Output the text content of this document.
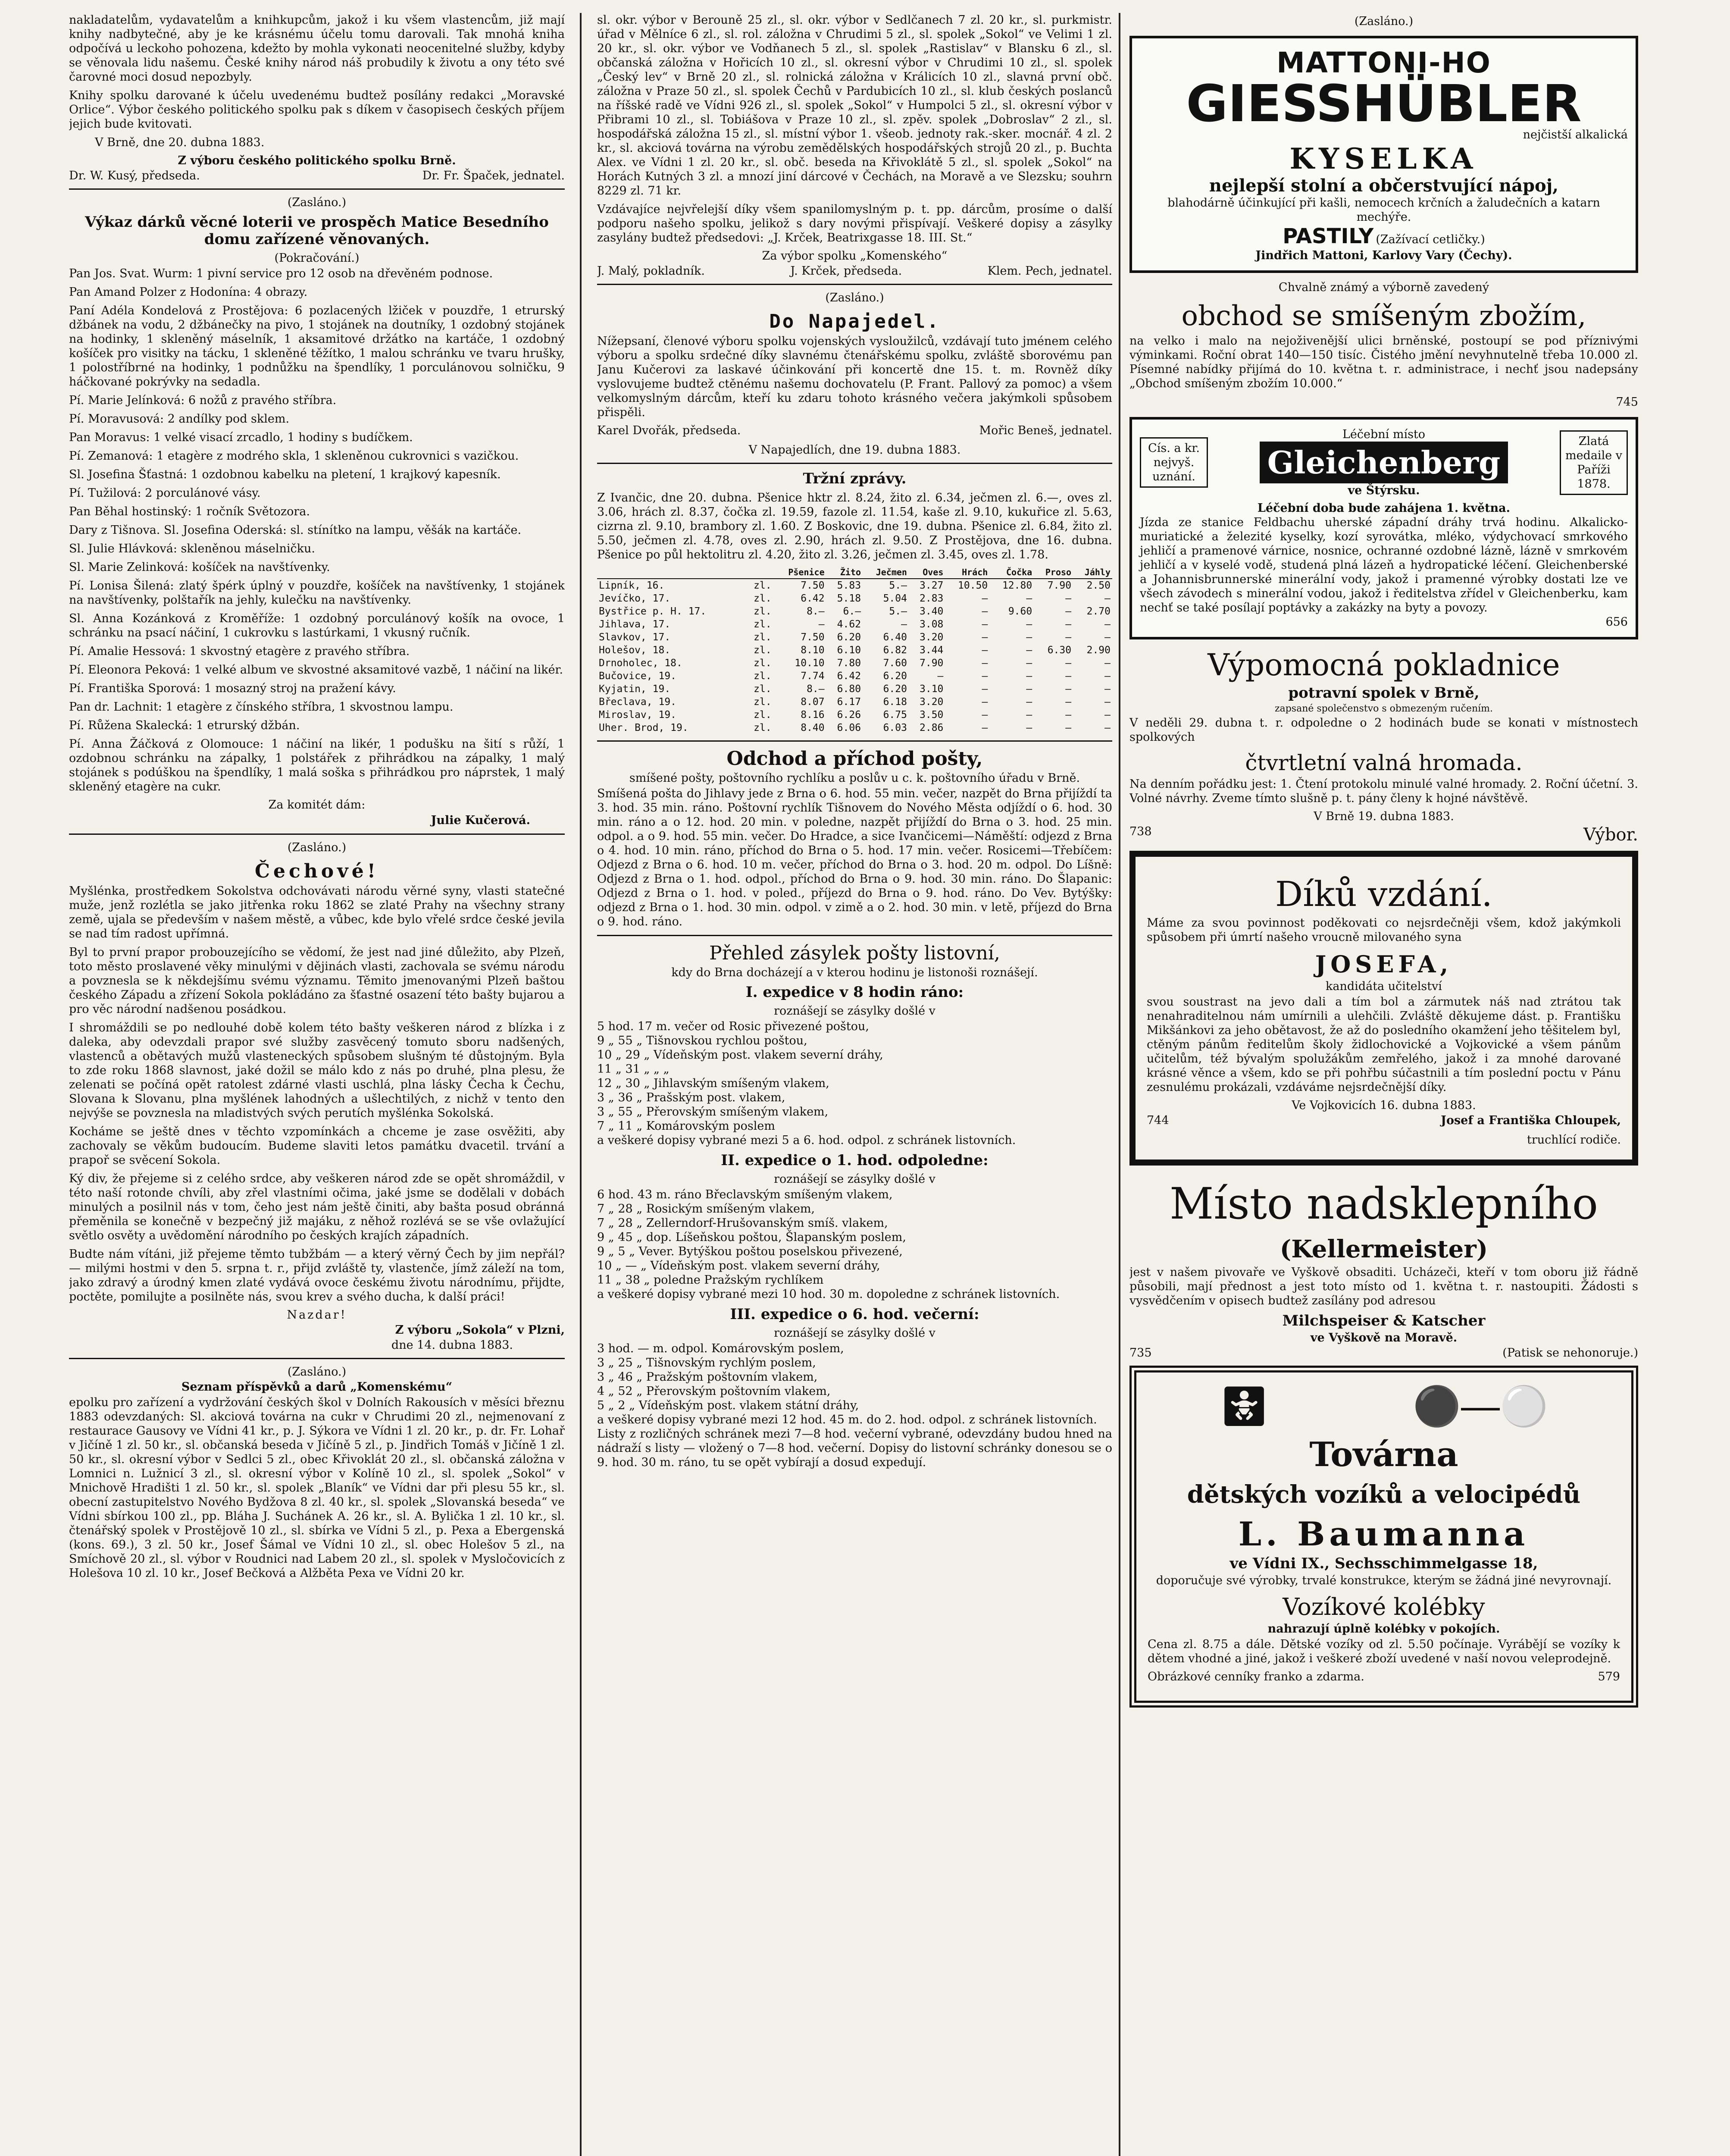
nakladatelům, vydavatelům a knihkupcům, jakož i ku všem vlastencům, již mají knihy nadbytečné, aby je ke krásnému účelu tomu darovali. Tak mnohá kniha odpočívá u leckoho pohozena, kdežto by mohla vykonati neocenitelné služby, kdyby se věnovala lidu našemu. České knihy národ náš probudily k životu a ony této své čarovné moci dosud nepozbyly.

Knihy spolku darované k účelu uvedenému budtež posílány redakci „Moravské Orlice“. Výbor českého politického spolku pak s díkem v časopisech českých příjem jejich bude kvitovati.

V Brně, dne 20. dubna 1883.

Z výboru českého politického spolku Brně.
Dr. W. Kusý, předseda.	Dr. Fr. Špaček, jednatel.
(Zasláno.)
Výkaz dárků věcné loterii ve prospěch Matice Besedního domu zařízené věnovaných.
(Pokračování.)

Pan Jos. Svat. Wurm: 1 pivní service pro 12 osob na dřevěném podnose.

Pan Amand Polzer z Hodonína: 4 obrazy.

Paní Adéla Kondelová z Prostějova: 6 pozlacených lžiček v pouzdře, 1 etrurský džbánek na vodu, 2 džbánečky na pivo, 1 stojánek na doutníky, 1 ozdobný stojánek na hodinky, 1 skleněný máselník, 1 aksamitové držátko na kartáče, 1 ozdobný košíček pro visitky na tácku, 1 skleněné těžítko, 1 malou schránku ve tvaru hrušky, 1 polostříbrné na hodinky, 1 podnůžku na špendlíky, 1 porculánovou solničku, 9 háčkované pokrývky na sedadla.

Pí. Marie Jelínková: 6 nožů z pravého stříbra.

Pí. Moravusová: 2 andílky pod sklem.

Pan Moravus: 1 velké visací zrcadlo, 1 hodiny s budíčkem.

Pí. Zemanová: 1 etagère z modrého skla, 1 skleněnou cukrovnici s vazičkou.

Sl. Josefina Šťastná: 1 ozdobnou kabelku na pletení, 1 krajkový kapesník.

Pí. Tužilová: 2 porculánové vásy.

Pan Běhal hostinský: 1 ročník Světozora.

Dary z Tišnova. Sl. Josefina Oderská: sl. stínítko na lampu, věšák na kartáče.

Sl. Julie Hlávková: skleněnou máselničku.

Sl. Marie Zelinková: košíček na navštívenky.

Pí. Lonisa Šilená: zlatý špérk úplný v pouzdře, košíček na navštívenky, 1 stojánek na navštívenky, polštařík na jehly, kulečku na navštívenky.

Sl. Anna Kozánková z Kroměříže: 1 ozdobný porculánový košík na ovoce, 1 schránku na psací náčiní, 1 cukrovku s lastúrkami, 1 vkusný ručník.

Pí. Amalie Hessová: 1 skvostný etagère z pravého stříbra.

Pí. Eleonora Peková: 1 velké album ve skvostné aksamitové vazbě, 1 náčiní na likér.

Pí. Františka Sporová: 1 mosazný stroj na pražení kávy.

Pan dr. Lachnit: 1 etagère z čínského stříbra, 1 skvostnou lampu.

Pí. Růžena Skalecká: 1 etrurský džbán.

Pí. Anna Žáčková z Olomouce: 1 náčiní na likér, 1 podušku na šití s růží, 1 ozdobnou schránku na zápalky, 1 polstářek z přihrádkou na zápalky, 1 malý stojánek s podúškou na špendlíky, 1 malá soška s přihrádkou pro náprstek, 1 malý skleněný etagère na cukr.

Za komitét dám:
Julie Kučerová.
(Zasláno.)
Čechové!

Myšlénka, prostředkem Sokolstva odchovávati národu věrné syny, vlasti statečné muže, jenž rozlétla se jako jitřenka roku 1862 se zlaté Prahy na všechny strany země, ujala se především v našem městě, a vůbec, kde bylo vřelé srdce české jevila se nad tím radost upřímná.

Byl to první prapor probouzejícího se vědomí, že jest nad jiné důležito, aby Plzeň, toto město proslavené věky minulými v dějinách vlasti, zachovala se svému národu a povznesla se k někdejšímu svému významu. Těmito jmenovanými Plzeň baštou českého Západu a zřízení Sokola pokládáno za šťastné osazení této bašty bujarou a pro věc národní nadšenou posádkou.

I shromáždili se po nedlouhé době kolem této bašty veškeren národ z blízka i z daleka, aby odevzdali prapor své služby zasvěcený tomuto sboru nadšených, vlastenců a obětavých mužů vlasteneckých spůsobem slušným té důstojným. Byla to zde roku 1868 slavnost, jaké dožil se málo kdo z nás po druhé, plna plesu, že zelenati se počíná opět ratolest zdárné vlasti uschlá, plna lásky Čecha k Čechu, Slovana k Slovanu, plna myšlének lahodných a ušlechtilých, z nichž v tento den nejvýše se povznesla na mladistvých svých perutích myšlénka Sokolská.

Kocháme se ještě dnes v těchto vzpomínkách a chceme je zase osvěžiti, aby zachovaly se věkům budoucím. Budeme slaviti letos památku dvacetil. trvání a prapoř se svěcení Sokola.

Ký div, že přejeme si z celého srdce, aby veškeren národ zde se opět shromáždil, v této naší rotonde chvíli, aby zřel vlastními očima, jaké jsme se dodělali v dobách minulých a posilnil nás v tom, čeho jest nám ještě činiti, aby bašta posud obránná přeměnila se konečně v bezpečný již majáku, z něhož rozlévá se se vše ovlažující světlo osvěty a uvědomění národního po českých krajích západních.

Budte nám vítáni, již přejeme těmto tubžbám — a který věrný Čech by jim nepřál? — milými hostmi v den 5. srpna t. r., přijd zvláště ty, vlastenče, jímž záleží na tom, jako zdravý a úrodný kmen zlaté vydává ovoce českému životu národnímu, přijdte, poctěte, pomilujte a posilněte nás, svou krev a svého ducha, k další práci!

Nazdar!
Z výboru „Sokola“ v Plzni,
dne 14. dubna 1883.
(Zasláno.)
Seznam příspěvků a darů „Komenskému“

epolku pro zařízení a vydržování českých škol v Dolních Rakousích v měsíci březnu 1883 odevzdaných: Sl. akciová továrna na cukr v Chrudimi 20 zl., nejmenovaní z restaurace Gausovy ve Vídni 41 kr., p. J. Sýkora ve Vídni 1 zl. 20 kr., p. dr. Fr. Lohař v Jičíně 1 zl. 50 kr., sl. občanská beseda v Jičíně 5 zl., p. Jindřich Tomáš v Jičíně 1 zl. 50 kr., sl. okresní výbor v Sedlci 5 zl., obec Křivoklát 20 zl., sl. občanská záložna v Lomnici n. Lužnicí 3 zl., sl. okresní výbor v Kolíně 10 zl., sl. spolek „Sokol“ v Mnichově Hradišti 1 zl. 50 kr., sl. spolek „Blaník“ ve Vídni dar při plesu 55 kr., sl. obecní zastupitelstvo Nového Bydžova 8 zl. 40 kr., sl. spolek „Slovanská beseda“ ve Vídni sbírkou 100 zl., pp. Bláha J. Suchánek A. 26 kr., sl. A. Bylička 1 zl. 10 kr., sl. čtenářský spolek v Prostějově 10 zl., sl. sbírka ve Vídni 5 zl., p. Pexa a Ebergenská (kons. 69.), 3 zl. 50 kr., Josef Šámal ve Vídni 10 zl., sl. obec Holešov 5 zl., na Smíchově 20 zl., sl. výbor v Roudnici nad Labem 20 zl., sl. spolek v Mysločovicích z Holešova 10 zl. 10 kr., Josef Bečková a Alžběta Pexa ve Vídni 20 kr.

sl. okr. výbor v Berouně 25 zl., sl. okr. výbor v Sedlčanech 7 zl. 20 kr., sl. purkmistr. úřad v Mělníce 6 zl., sl. rol. záložna v Chrudimi 5 zl., sl. spolek „Sokol“ ve Velimi 1 zl. 20 kr., sl. okr. výbor ve Vodňanech 5 zl., sl. spolek „Rastislav“ v Blansku 6 zl., sl. občanská záložna v Hořicích 10 zl., sl. okresní výbor v Chrudimi 10 zl., sl. spolek „Český lev“ v Brně 20 zl., sl. rolnická záložna v Králicích 10 zl., slavná první obč. záložna v Praze 50 zl., sl. spolek Čechů v Pardubicích 10 zl., sl. klub českých poslanců na říšské radě ve Vídni 926 zl., sl. spolek „Sokol“ v Humpolci 5 zl., sl. okresní výbor v Přibrami 10 zl., sl. Tobiášova v Praze 10 zl., sl. zpěv. spolek „Dobroslav“ 2 zl., sl. hospodářská záložna 15 zl., sl. místní výbor 1. všeob. jednoty rak.-sker. mocnář. 4 zl. 2 kr., sl. akciová továrna na výrobu zemědělských hospodářských strojů 20 zl., p. Buchta Alex. ve Vídni 1 zl. 20 kr., sl. obč. beseda na Křivoklátě 5 zl., sl. spolek „Sokol“ na Horách Kutných 3 zl. a mnozí jiní dárcové v Čechách, na Moravě a ve Slezsku; souhrn 8229 zl. 71 kr.

Vzdávajíce nejvřelejší díky všem spanilomyslným p. t. pp. dárcům, prosíme o další podporu našeho spolku, jelikož s dary novými přispívají. Veškeré dopisy a zásylky zasylány budtež předsedovi: „J. Krček, Beatrixgasse 18. III. St.“

Za výbor spolku „Komenského“
J. Malý, pokladník.	J. Krček, předseda.	Klem. Pech, jednatel.
(Zasláno.)
Do Napajedel.

Nížepsaní, členové výboru spolku vojenských vysloužilců, vzdávají tuto jménem celého výboru a spolku srdečné díky slavnému čtenářskému spolku, zvláště sborovému pan Janu Kučerovi za laskavé účinkování při koncertě dne 15. t. m. Rovněž díky vyslovujeme budtež ctěnému našemu dochovatelu (P. Frant. Pallový za pomoc) a všem velkomyslným dárcům, kteří ku zdaru tohoto krásného večera jakýmkoli spůsobem přispěli.

Karel Dvořák, předseda.	Mořic Beneš, jednatel.
V Napajedlích, dne 19. dubna 1883.
Tržní zprávy.

Z Ivančic, dne 20. dubna. Pšenice hktr zl. 8.24, žito zl. 6.34, ječmen zl. 6.—, oves zl. 3.06, hrách zl. 8.37, čočka zl. 19.59, fazole zl. 11.54, kaše zl. 9.10, kukuřice zl. 5.63, cizrna zl. 9.10, brambory zl. 1.60. Z Boskovic, dne 19. dubna. Pšenice zl. 6.84, žito zl. 5.50, ječmen zl. 4.78, oves zl. 2.90, hrách zl. 9.50. Z Prostějova, dne 16. dubna. Pšenice po půl hektolitru zl. 4.20, žito zl. 3.26, ječmen zl. 3.45, oves zl. 1.78.

		Pšenice	Žito	Ječmen	Oves	Hrách	Čočka	Proso	Jáhly
Lipník, 16.	zl.	7.50	5.83	5.—	3.27	10.50	12.80	7.90	2.50
Jevíčko, 17.	zl.	6.42	5.18	5.04	2.83	—	—	—	—
Bystřice p. H. 17.	zl.	8.—	6.—	5.—	3.40	—	9.60	—	2.70
Jihlava, 17.	zl.	—	4.62	—	3.08	—	—	—	—
Slavkov, 17.	zl.	7.50	6.20	6.40	3.20	—	—	—	—
Holešov, 18.	zl.	8.10	6.10	6.82	3.44	—	—	6.30	2.90
Drnoholec, 18.	zl.	10.10	7.80	7.60	7.90	—	—	—	—
Bučovice, 19.	zl.	7.74	6.42	6.20	—	—	—	—	—
Kyjatin, 19.	zl.	8.—	6.80	6.20	3.10	—	—	—	—
Břeclava, 19.	zl.	8.07	6.17	6.18	3.20	—	—	—	—
Miroslav, 19.	zl.	8.16	6.26	6.75	3.50	—	—	—	—
Uher. Brod, 19.	zl.	8.40	6.06	6.03	2.86	—	—	—	—
Odchod a příchod pošty,
smíšené pošty, poštovního rychlíku a poslův u c. k. poštovního úřadu v Brně.

Smíšená pošta do Jihlavy jede z Brna o 6. hod. 55 min. večer, nazpět do Brna přijíždí ta 3. hod. 35 min. ráno. Poštovní rychlík Tišnovem do Nového Města odjíždí o 6. hod. 30 min. ráno a o 12. hod. 20 min. v poledne, nazpět přijíždí do Brna o 3. hod. 25 min. odpol. a o 9. hod. 55 min. večer. Do Hradce, a sice Ivančicemi—Náměští: odjezd z Brna o 4. hod. 10 min. ráno, příchod do Brna o 5. hod. 17 min. večer. Rosicemi—Třebíčem: Odjezd z Brna o 6. hod. 10 m. večer, příchod do Brna o 3. hod. 20 m. odpol. Do Líšně: Odjezd z Brna o 1. hod. odpol., příchod do Brna o 9. hod. 30 min. ráno. Do Šlapanic: Odjezd z Brna o 1. hod. v poled., příjezd do Brna o 9. hod. ráno. Do Vev. Bytýšky: odjezd z Brna o 1. hod. 30 min. odpol. v zimě a o 2. hod. 30 min. v letě, příjezd do Brna o 9. hod. ráno.

Přehled zásylek pošty listovní,
kdy do Brna docházejí a v kterou hodinu je listonoši roznášejí.
I. expedice v 8 hodin ráno:
roznášejí se zásylky došlé v
5 hod. 17 m. večer od Rosic přivezené poštou,
9 „ 55 „ Tišnovskou rychlou poštou,
10 „ 29 „ Vídeňským post. vlakem severní dráhy,
11 „ 31 „ „ „
12 „ 30 „ Jihlavským smíšeným vlakem,
3 „ 36 „ Prašským post. vlakem,
3 „ 55 „ Přerovským smíšeným vlakem,
7 „ 11 „ Komárovským poslem
a veškeré dopisy vybrané mezi 5 a 6. hod. odpol. z schránek listovních.
II. expedice o 1. hod. odpoledne:
roznášejí se zásylky došlé v
6 hod. 43 m. ráno Břeclavským smíšeným vlakem,
7 „ 28 „ Rosickým smíšeným vlakem,
7 „ 28 „ Zellerndorf-Hrušovanským smíš. vlakem,
9 „ 45 „ dop. Líšeňskou poštou, Šlapanským poslem,
9 „ 5 „ Vever. Bytýškou poštou poselskou přivezené,
10 „ — „ Vídeňským post. vlakem severní dráhy,
11 „ 38 „ poledne Pražským rychlíkem
a veškeré dopisy vybrané mezi 10 hod. 30 m. dopoledne z schránek listovních.
III. expedice o 6. hod. večerní:
roznášejí se zásylky došlé v
3 hod. — m. odpol. Komárovským poslem,
3 „ 25 „ Tišnovským rychlým poslem,
3 „ 46 „ Pražským poštovním vlakem,
4 „ 52 „ Přerovským poštovním vlakem,
5 „ 2 „ Vídeňským post. vlakem státní dráhy,
a veškeré dopisy vybrané mezi 12 hod. 45 m. do 2. hod. odpol. z schránek listovních.

Listy z rozličných schránek mezi 7—8 hod. večerní vybrané, odevzdány budou hned na nádraží s listy — vložený o 7—8 hod. večerní. Dopisy do listovní schránky donesou se o 9. hod. 30 m. ráno, tu se opět vybírají a dosud expedují.

(Zasláno.)
MATTONI-HO
GIESSHÜBLER
nejčistší alkalická
KYSELKA
nejlepší stolní a občerstvující nápoj,
blahodárně účinkující při kašli, nemocech krčních a žaludečních a katarn mechýře.
PASTILY (Zažívací cetličky.)
Jindřich Mattoni, Karlovy Vary (Čechy).
Chvalně známý a výborně zavedený
obchod se smíšeným zbožím,

na velko i malo na nejoživenější ulici brněnské, postoupí se pod příznivými výminkami. Roční obrat 140—150 tisíc. Čistého jmění nevyhnutelně třeba 10.000 zl. Písemné nabídky přijímá do 10. května t. r. administrace, i nechť jsou nadepsány „Obchod smíšeným zbožím 10.000.“

745
Cís. a kr. nejvyš. uznání.
Léčební místo
Gleichenberg
ve Štýrsku.
Zlatá medaile v Paříži 1878.
Léčební doba bude zahájena 1. května.
Jízda ze stanice Feldbachu uherské západní dráhy trvá hodinu. Alkalicko-muriatické a železité kyselky, kozí syrovátka, mléko, výdychovací smrkového jehličí a pramenové várnice, nosnice, ochranné ozdobné lázně, lázně v smrkovém jehličí a v kyselé vodě, studená plná lázeň a hydropatické léčení. Gleichenberské a Johannisbrunnerské minerální vody, jakož i pramenné výrobky dostati lze ve všech závodech s minerální vodou, jakož i ředitelstva zřídel v Gleichenberku, kam nechť se také posílají poptávky a zakázky na byty a povozy.
656
Výpomocná pokladnice
potravní spolek v Brně,
zapsané společenstvo s obmezeným ručením.

V neděli 29. dubna t. r. odpoledne o 2 hodinách bude se konati v místnostech spolkových

čtvrtletní valná hromada.

Na denním pořádku jest: 1. Čtení protokolu minulé valné hromady. 2. Roční účetní. 3. Volné návrhy. Zveme tímto slušně p. t. pány členy k hojné návštěvě.

V Brně 19. dubna 1883.
738	Výbor.
Díků vzdání.

Máme za svou povinnost poděkovati co nejsrdečněji všem, kdož jakýmkoli spůsobem při úmrtí našeho vroucně milovaného syna

JOSEFA,
kandidáta učitelství

svou soustrast na jevo dali a tím bol a zármutek náš nad ztrátou tak nenahraditelnou nám umírnili a ulehčili. Zvláště děkujeme dást. p. Františku Mikšánkovi za jeho obětavost, že až do posledního okamžení jeho těšitelem byl, ctěným pánům ředitelům školy židlochovické a Vojkovické a všem pánům učitelům, též bývalým spolužákům zemřelého, jakož i za mnohé darované krásné věnce a všem, kdo se při pohřbu súčastnili a tím poslední poctu v Pánu zesnulému prokázali, vzdáváme nejsrdečnější díky.

Ve Vojkovicích 16. dubna 1883.
744	Josef a Františka Chloupek,
truchlící rodiče.
Místo nadsklepního
(Kellermeister)

jest v našem pivovaře ve Vyškově obsaditi. Ucházeči, kteří v tom oboru již řádně působili, mají přednost a jest toto místo od 1. května t. r. nastoupiti. Žádosti s vysvědčením v opisech budtež zasílány pod adresou

Milchspeiser & Katscher
ve Vyškově na Moravě.
735	(Patisk se nehonoruje.)
🚼︎	⚫―⚪
Továrna
dětských vozíků a velocipédů
L. Baumanna
ve Vídni IX., Sechsschimmelgasse 18,
doporučuje své výrobky, trvalé konstrukce, kterým se žádná jiné nevyrovnají.
Vozíkové kolébky
nahrazují úplně kolébky v pokojích.

Cena zl. 8.75 a dále. Dětské vozíky od zl. 5.50 počínaje. Vyrábějí se vozíky k dětem vhodné a jiné, jakož i veškeré zboží uvedené v naší novou veleprodejně.

Obrázkové cenníky franko a zdarma.	579
